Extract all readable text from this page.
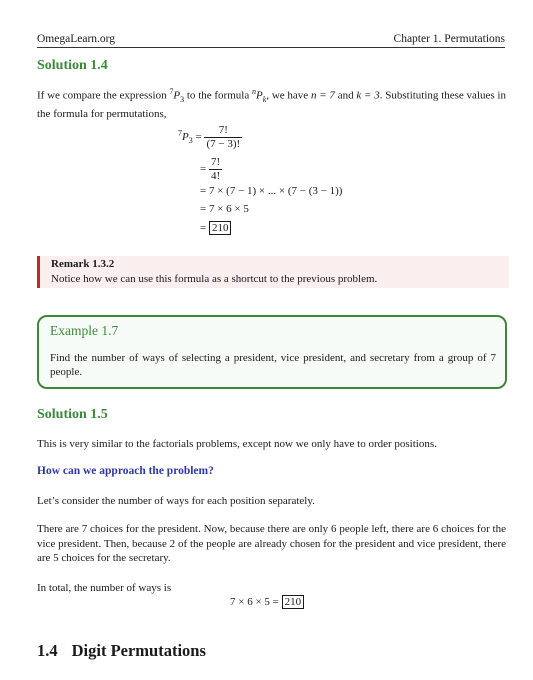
OmegaLearn.org	Chapter 1. Permutations
Solution 1.4

If we compare the expression $^7P_3$ to the formula $^nP_k$, we have n = 7 and k = 3. Substituting these values in the formula for permutations,

$^7P_3 = \frac{7!}{(7 - 3)!}$
= $\frac{7!}{4!}$
= 7 × (7 − 1) × ... × (7 − (3 − 1))
= 7 × 6 × 5
= 210
Remark 1.3.2
Notice how we can use this formula as a shortcut to the previous problem.
Example 1.7
Find the number of ways of selecting a president, vice president, and secretary from a group of 7 people.
Solution 1.5

This is very similar to the factorials problems, except now we only have to order positions.

How can we approach the problem?

Let’s consider the number of ways for each position separately.

There are 7 choices for the president. Now, because there are only 6 people left, there are 6 choices for the vice president. Then, because 2 of the people are already chosen for the president and vice president, there are 5 choices for the secretary.

In total, the number of ways is

7 × 6 × 5 = 210
1.4 Digit Permutations
